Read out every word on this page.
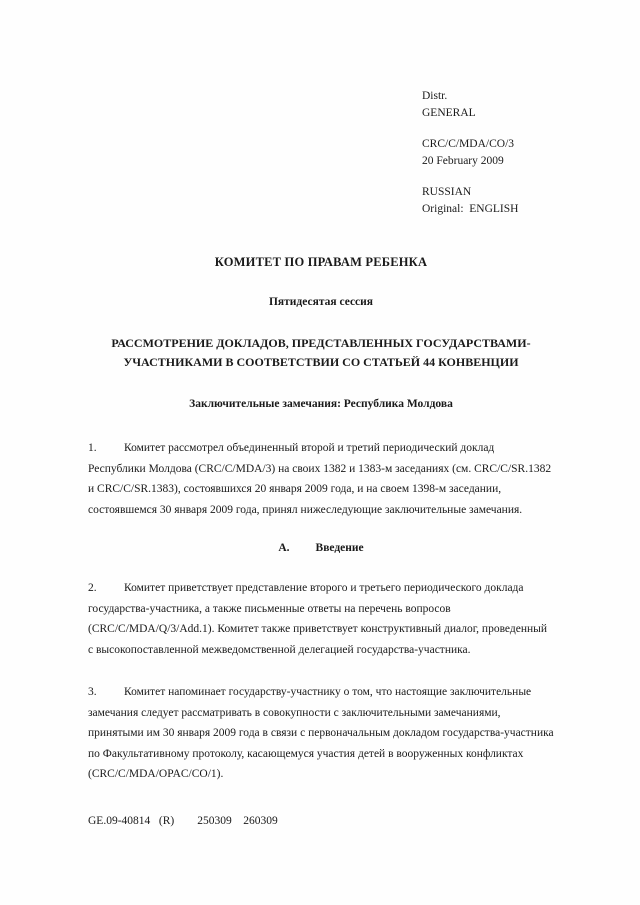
Distr.
GENERAL
CRC/C/MDA/CO/3
20 February 2009
RUSSIAN
Original:  ENGLISH
КОМИТЕТ ПО ПРАВАМ РЕБЕНКА
Пятидесятая сессия
РАССМОТРЕНИЕ ДОКЛАДОВ, ПРЕДСТАВЛЕННЫХ ГОСУДАРСТВАМИ-
УЧАСТНИКАМИ В СООТВЕТСТВИИ СО СТАТЬЕЙ 44 КОНВЕНЦИИ
Заключительные замечания: Республика Молдова
1. Комитет рассмотрел объединенный второй и третий периодический доклад Республики Молдова (CRC/C/MDA/3) на своих 1382 и 1383-м заседаниях (см. CRC/C/SR.1382 и CRC/C/SR.1383), состоявшихся 20 января 2009 года, и на своем 1398-м заседании, состоявшемся 30 января 2009 года, принял нижеследующие заключительные замечания.
A. Введение
2. Комитет приветствует представление второго и третьего периодического доклада государства-участника, а также письменные ответы на перечень вопросов (CRC/C/MDA/Q/3/Add.1). Комитет также приветствует конструктивный диалог, проведенный с высокопоставленной межведомственной делегацией государства-участника.
3. Комитет напоминает государству-участнику о том, что настоящие заключительные замечания следует рассматривать в совокупности с заключительными замечаниями, принятыми им 30 января 2009 года в связи с первоначальным докладом государства-участника по Факультативному протоколу, касающемуся участия детей в вооруженных конфликтах (CRC/C/MDA/OPAC/CO/1).
GE.09-40814   (R)        250309    260309
